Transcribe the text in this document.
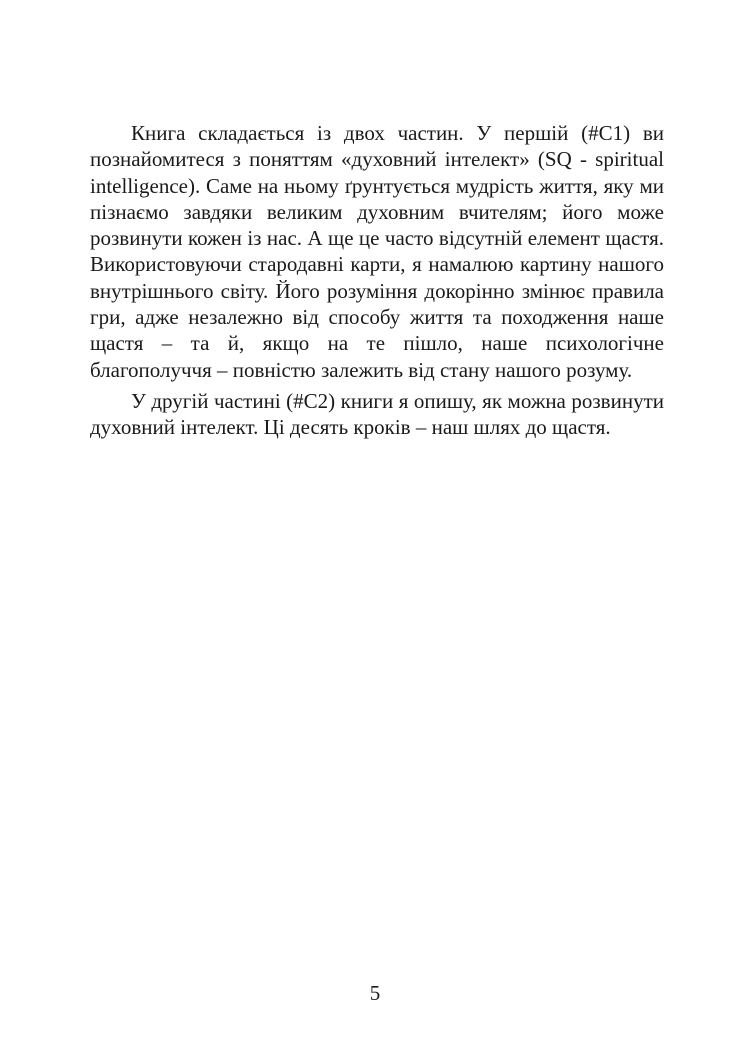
Книга складається із двох частин. У першій (#С1) ви познайомитеся з поняттям «духовний інтелект» (SQ - spiritual intelligence). Саме на ньому ґрунтується мудрість життя, яку ми пізнаємо завдяки великим духовним вчителям; його може розвинути кожен із нас. А ще це часто відсутній елемент щастя. Використовуючи стародавні карти, я намалюю картину нашого внутрішнього світу. Його розуміння докорінно змінює правила гри, адже незалежно від способу життя та походження наше щастя – та й, якщо на те пішло, наше психологічне благополуччя – повністю залежить від стану нашого розуму.

У другій частині (#С2) книги я опишу, як можна розвинути духовний інтелект. Ці десять кроків – наш шлях до щастя.

5
